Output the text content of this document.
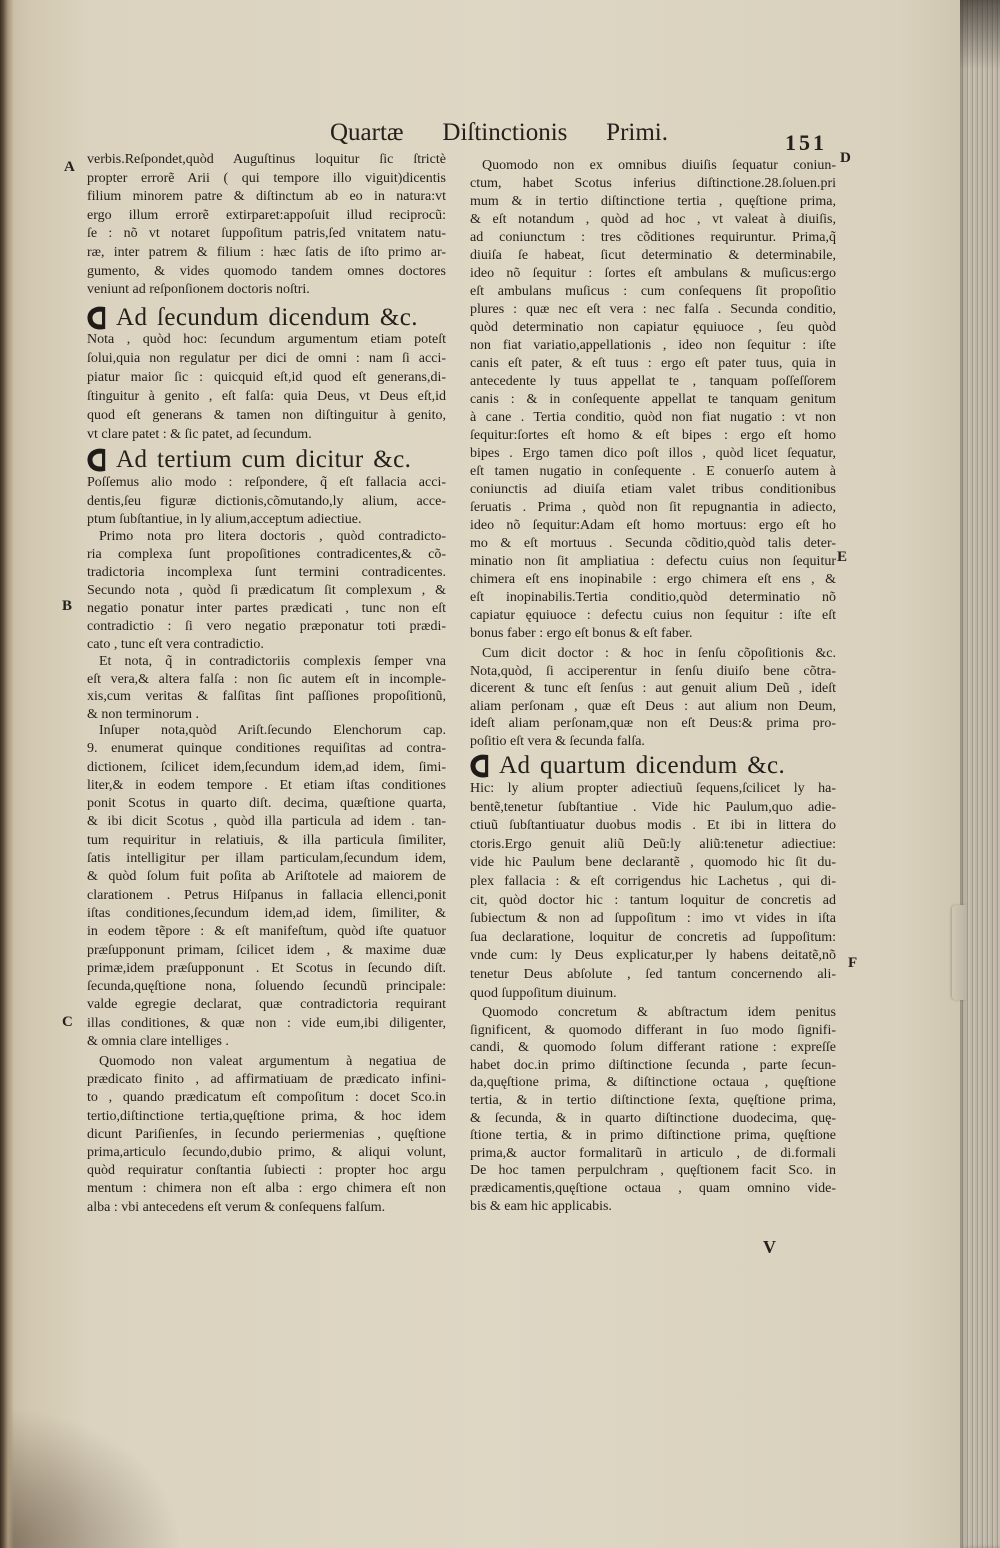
Quartæ Diſtinctionis Primi.	151
A
D
B
E
C
F
verbis.Reſpondet,quòd Auguſtinus loquitur ſic ſtrictè
propter errorẽ Arii ( qui tempore illo viguit)dicentis
filium minorem patre & diſtinctum ab eo in natura:vt
ergo illum errorẽ extirparet:appoſuit illud reciprocũ:
ſe : nõ vt notaret ſuppoſitum patris,ſed vnitatem natu-
ræ, inter patrem & filium : hæc ſatis de iſto primo ar-
gumento, & vides quomodo tandem omnes doctores
veniunt ad reſponſionem doctoris noſtri.
Ad ſecundum dicendum &c.
Nota , quòd hoc: ſecundum argumentum etiam poteſt
ſolui,quia non regulatur per dici de omni : nam ſi acci-
piatur maior ſic : quicquid eſt,id quod eſt generans,di-
ſtinguitur à genito , eſt falſa: quia Deus, vt Deus eſt,id
quod eſt generans & tamen non diſtinguitur à genito,
vt clare patet : & ſic patet, ad ſecundum.
Ad tertium cum dicitur &c.
Poſſemus alio modo : reſpondere, q̃ eſt fallacia acci-
dentis,ſeu figuræ dictionis,cõmutando,ly alium, acce-
ptum ſubſtantiue, in ly alium,acceptum adiectiue.
Primo nota pro litera doctoris , quòd contradicto-
ria complexa ſunt propoſitiones contradicentes,& cõ-
tradictoria incomplexa ſunt termini contradicentes.
Secundo nota , quòd ſi prædicatum ſit complexum , &
negatio ponatur inter partes prædicati , tunc non eſt
contradictio : ſi vero negatio præponatur toti prædi-
cato , tunc eſt vera contradictio.
Et nota, q̃ in contradictoriis complexis ſemper vna
eſt vera,& altera falſa : non ſic autem eſt in incomple-
xis,cum veritas & falſitas ſint paſſiones propoſitionũ,
& non terminorum .
Inſuper nota,quòd Ariſt.ſecundo Elenchorum cap.
9. enumerat quinque conditiones requiſitas ad contra-
dictionem, ſcilicet idem,ſecundum idem,ad idem, ſimi-
liter,& in eodem tempore . Et etiam iſtas conditiones
ponit Scotus in quarto diſt. decima, quæſtione quarta,
& ibi dicit Scotus , quòd illa particula ad idem . tan-
tum requiritur in relatiuis, & illa particula ſimiliter,
ſatis intelligitur per illam particulam,ſecundum idem,
& quòd ſolum fuit poſita ab Ariſtotele ad maiorem de
clarationem . Petrus Hiſpanus in fallacia ellenci,ponit
iſtas conditiones,ſecundum idem,ad idem, ſimiliter, &
in eodem tẽpore : & eſt manifeſtum, quòd iſte quatuor
præſupponunt primam, ſcilicet idem , & maxime duæ
primæ,idem præſupponunt . Et Scotus in ſecundo diſt.
ſecunda,quęſtione nona, ſoluendo ſecundũ principale:
valde egregie declarat, quæ contradictoria requirant
illas conditiones, & quæ non : vide eum,ibi diligenter,
& omnia clare intelliges .
Quomodo non valeat argumentum à negatiua de
prædicato finito , ad affirmatiuam de prædicato infini-
to , quando prædicatum eſt compoſitum : docet Sco.in
tertio,diſtinctione tertia,quęſtione prima, & hoc idem
dicunt Pariſienſes, in ſecundo periermenias , quęſtione
prima,articulo ſecundo,dubio primo, & aliqui volunt,
quòd requiratur conſtantia ſubiecti : propter hoc argu
mentum : chimera non eſt alba : ergo chimera eſt non
alba : vbi antecedens eſt verum & conſequens falſum.
Quomodo non ex omnibus diuiſis ſequatur coniun-
ctum, habet Scotus inferius diſtinctione.28.ſoluen.pri
mum & in tertio diſtinctione tertia , quęſtione prima,
& eſt notandum , quòd ad hoc , vt valeat à diuiſis,
ad coniunctum : tres cõditiones requiruntur. Prima,q̃
diuiſa ſe habeat, ſicut determinatio & determinabile,
ideo nõ ſequitur : ſortes eſt ambulans & muſicus:ergo
eſt ambulans muſicus : cum conſequens ſit propoſitio
plures : quæ nec eſt vera : nec falſa . Secunda conditio,
quòd determinatio non capiatur ęquiuoce , ſeu quòd
non fiat variatio,appellationis , ideo non ſequitur : iſte
canis eſt pater, & eſt tuus : ergo eſt pater tuus, quia in
antecedente ly tuus appellat te , tanquam poſſeſſorem
canis : & in conſequente appellat te tanquam genitum
à cane . Tertia conditio, quòd non fiat nugatio : vt non
ſequitur:ſortes eſt homo & eſt bipes : ergo eſt homo
bipes . Ergo tamen dico poſt illos , quòd licet ſequatur,
eſt tamen nugatio in conſequente . E conuerſo autem à
coniunctis ad diuiſa etiam valet tribus conditionibus
ſeruatis . Prima , quòd non ſit repugnantia in adiecto,
ideo nõ ſequitur:Adam eſt homo mortuus: ergo eſt ho
mo & eſt mortuus . Secunda cõditio,quòd talis deter-
minatio non ſit ampliatiua : defectu cuius non ſequitur
chimera eſt ens inopinabile : ergo chimera eſt ens , &
eſt inopinabilis.Tertia conditio,quòd determinatio nõ
capiatur ęquiuoce : defectu cuius non ſequitur : iſte eſt
bonus faber : ergo eſt bonus & eſt faber.
Cum dicit doctor : & hoc in ſenſu cõpoſitionis &c.
Nota,quòd, ſi acciperentur in ſenſu diuiſo bene cõtra-
dicerent & tunc eſt ſenſus : aut genuit alium Deũ , ideſt
aliam perſonam , quæ eſt Deus : aut alium non Deum,
ideſt aliam perſonam,quæ non eſt Deus:& prima pro-
poſitio eſt vera & ſecunda falſa.
Ad quartum dicendum &c.
Hic: ly alium propter adiectiuũ ſequens,ſcilicet ly ha-
bentẽ,tenetur ſubſtantiue . Vide hic Paulum,quo adie-
ctiuũ ſubſtantiuatur duobus modis . Et ibi in littera do
ctoris.Ergo genuit aliũ Deũ:ly aliũ:tenetur adiectiue:
vide hic Paulum bene declarantẽ , quomodo hic ſit du-
plex fallacia : & eſt corrigendus hic Lachetus , qui di-
cit, quòd doctor hic : tantum loquitur de concretis ad
ſubiectum & non ad ſuppoſitum : imo vt vides in iſta
ſua declaratione, loquitur de concretis ad ſuppoſitum:
vnde cum: ly Deus explicatur,per ly habens deitatẽ,nõ
tenetur Deus abſolute , ſed tantum concernendo ali-
quod ſuppoſitum diuinum.
Quomodo concretum & abſtractum idem penitus
ſignificent, & quomodo differant in ſuo modo ſignifi-
candi, & quomodo ſolum differant ratione : expreſſe
habet doc.in primo diſtinctione ſecunda , parte ſecun-
da,quęſtione prima, & diſtinctione octaua , quęſtione
tertia, & in tertio diſtinctione ſexta, quęſtione prima,
& ſecunda, & in quarto diſtinctione duodecima, quę-
ſtione tertia, & in primo diſtinctione prima, quęſtione
prima,& auctor formalitarũ in articulo , de di.formali
De hoc tamen perpulchram , quęſtionem facit Sco. in
prædicamentis,quęſtione octaua , quam omnino vide-
bis & eam hic applicabis.
V
